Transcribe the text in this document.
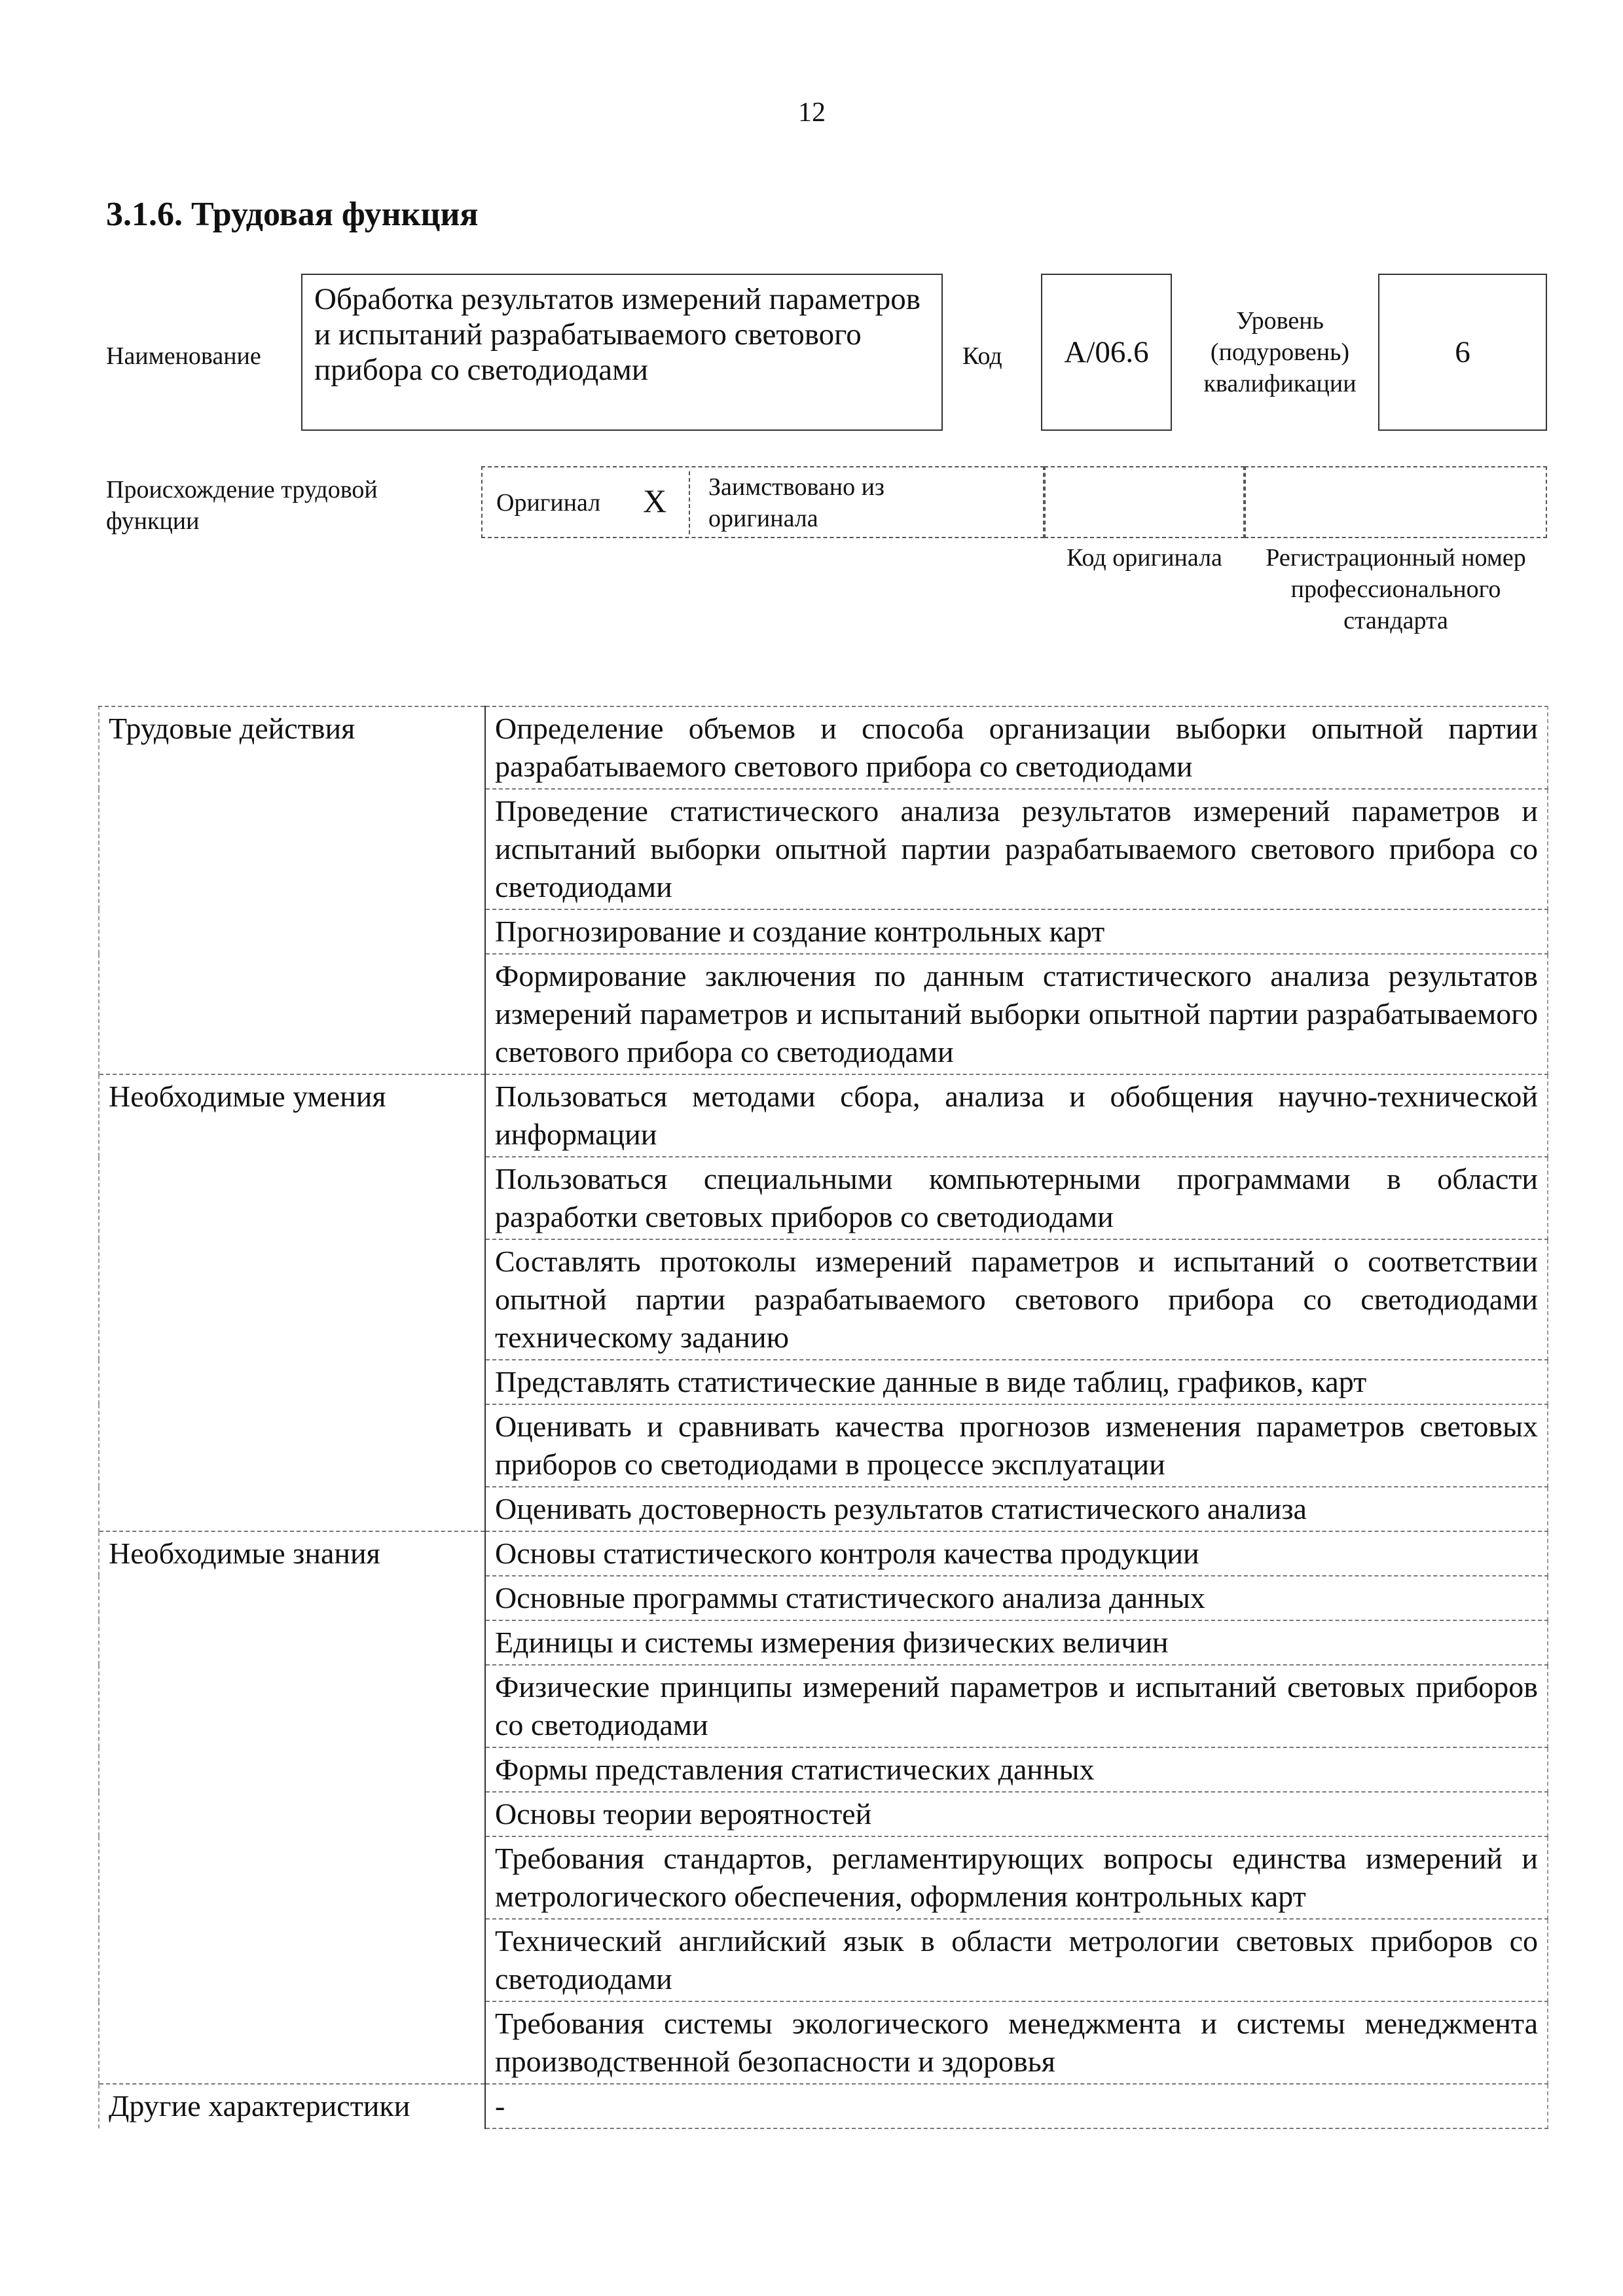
12
3.1.6. Трудовая функция
Наименование
Обработка результатов измерений параметров и испытаний разрабатываемого светового прибора со светодиодами	Код А/06.6
Уровень (подуровень) квалификации
6
Происхождение трудовой функции
Оригинал X Заимствовано из оригинала
Код оригинала	Регистрационный номер профессионального стандарта
Трудовые действия	Определение объемов и способа организации выборки опытной партии разрабатываемого светового прибора со светодиодами
	Проведение статистического анализа результатов измерений параметров и испытаний выборки опытной партии разрабатываемого светового прибора со светодиодами
	Прогнозирование и создание контрольных карт
	Формирование заключения по данным статистического анализа результатов измерений параметров и испытаний выборки опытной партии разрабатываемого светового прибора со светодиодами
Необходимые умения	Пользоваться методами сбора, анализа и обобщения научно-технической информации
	Пользоваться специальными компьютерными программами в области разработки световых приборов со светодиодами
	Составлять протоколы измерений параметров и испытаний о соответствии опытной партии разрабатываемого светового прибора со светодиодами техническому заданию
	Представлять статистические данные в виде таблиц, графиков, карт
	Оценивать и сравнивать качества прогнозов изменения параметров световых приборов со светодиодами в процессе эксплуатации
	Оценивать достоверность результатов статистического анализа
Необходимые знания	Основы статистического контроля качества продукции
	Основные программы статистического анализа данных
	Единицы и системы измерения физических величин
	Физические принципы измерений параметров и испытаний световых приборов со светодиодами
	Формы представления статистических данных
	Основы теории вероятностей
	Требования стандартов, регламентирующих вопросы единства измерений и метрологического обеспечения, оформления контрольных карт
	Технический английский язык в области метрологии световых приборов со светодиодами
	Требования системы экологического менеджмента и системы менеджмента производственной безопасности и здоровья
Другие характеристики	-
